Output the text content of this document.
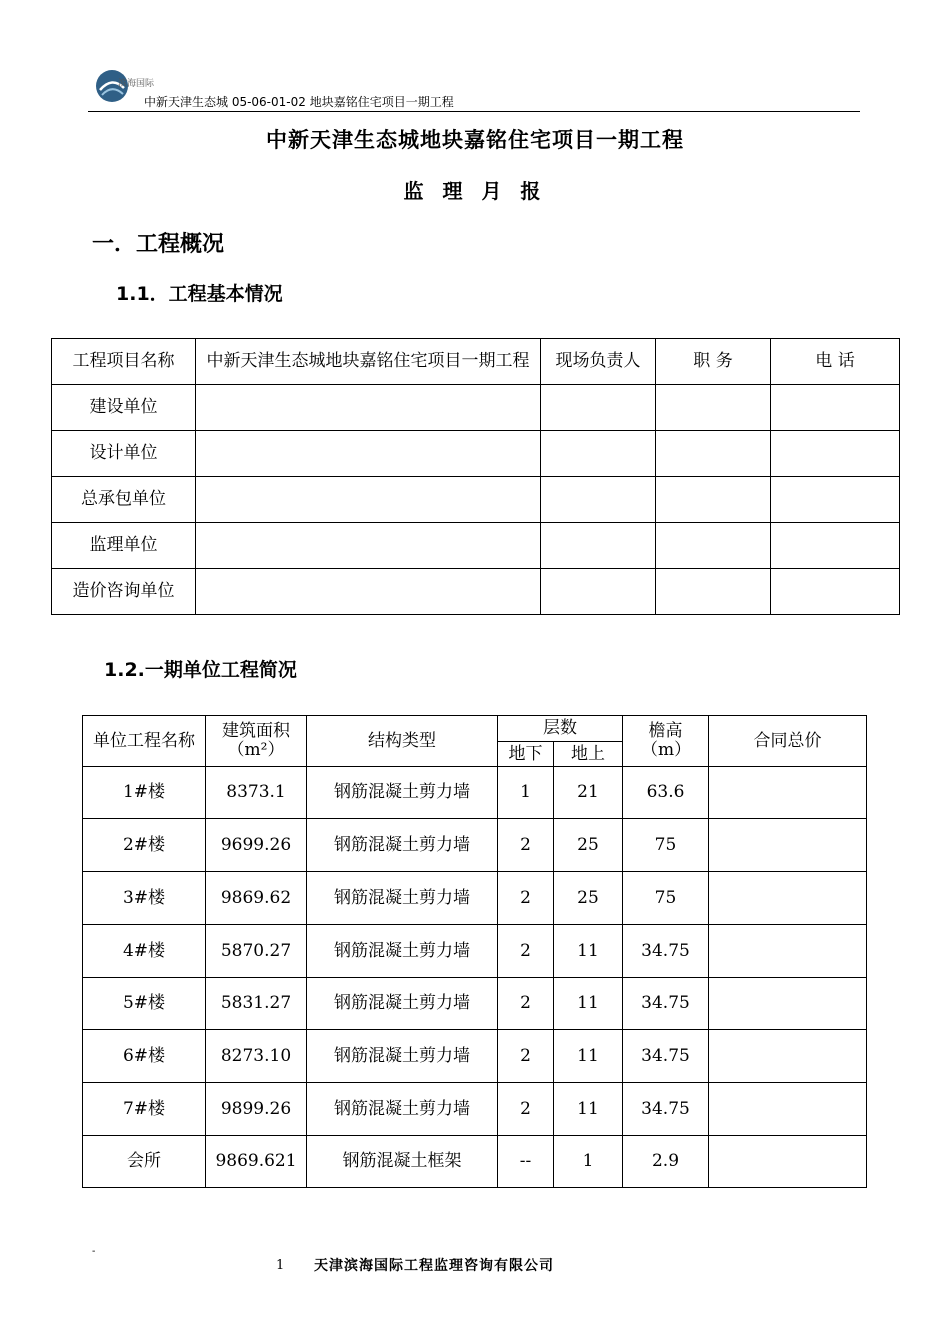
滨海国际
中新天津生态城 05-06-01-02 地块嘉铭住宅项目一期工程
中新天津生态城地块嘉铭住宅项目一期工程
监 理 月 报
一．工程概况
1.1．工程基本情况
工程项目名称	中新天津生态城地块嘉铭住宅项目一期工程	现场负责人	职 务	电 话
建设单位				
设计单位				
总承包单位				
监理单位				
造价咨询单位				
1.2.一期单位工程简况
单位工程名称	建筑面积（m²）	结构类型	层数		檐高（m）	合同总价
			地下	地上		
1#楼	8373.1	钢筋混凝土剪力墙	1	21	63.6	
2#楼	9699.26	钢筋混凝土剪力墙	2	25	75	
3#楼	9869.62	钢筋混凝土剪力墙	2	25	75	
4#楼	5870.27	钢筋混凝土剪力墙	2	11	34.75	
5#楼	5831.27	钢筋混凝土剪力墙	2	11	34.75	
6#楼	8273.10	钢筋混凝土剪力墙	2	11	34.75	
7#楼	9899.26	钢筋混凝土剪力墙	2	11	34.75	
会所	9869.621	钢筋混凝土框架	--	1	2.9	
-
1 天津滨海国际工程监理咨询有限公司
